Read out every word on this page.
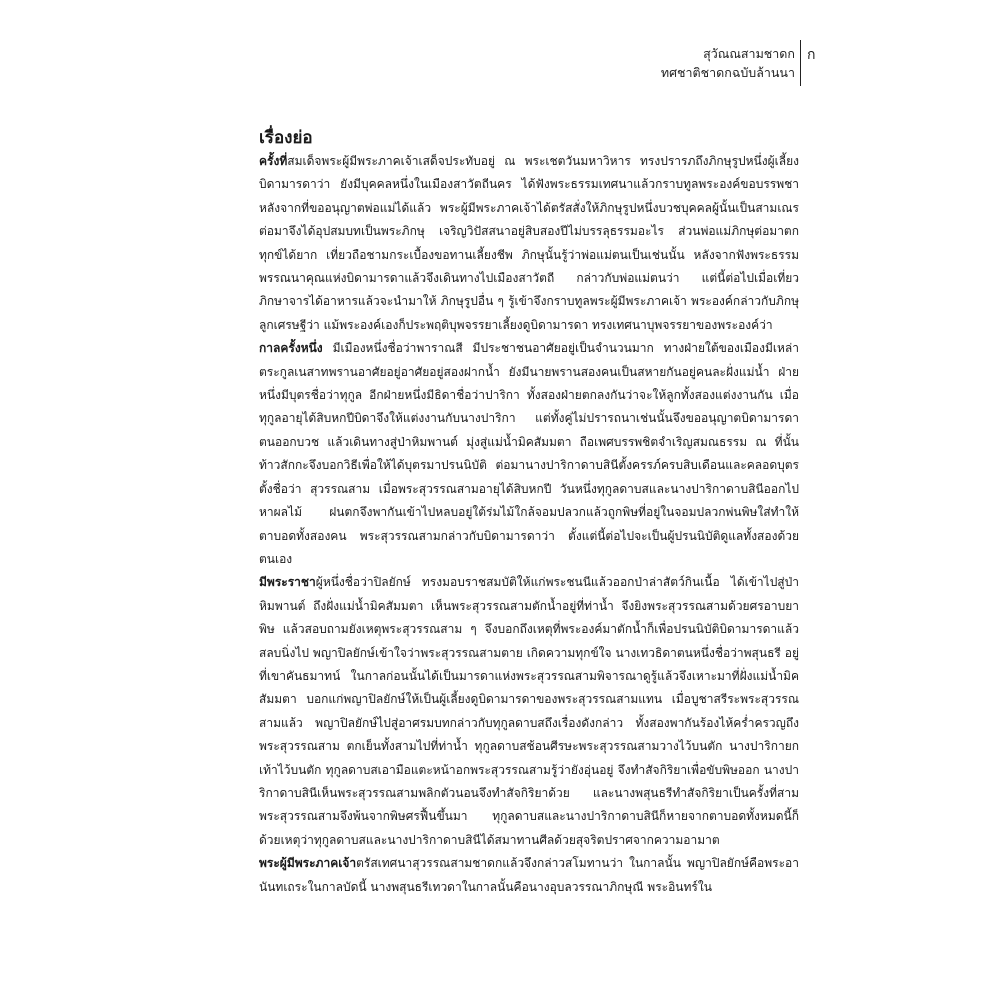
สุวัณณสามชาดก
ทศชาติชาดกฉบับล้านนา
ก
เรื่องย่อ

ครั้งที่สมเด็จพระผู้มีพระภาคเจ้าเสด็จประทับอยู่ ณ พระเชตวันมหาวิหาร ทรงปรารภถึงภิกษุรูปหนึ่งผู้เลี้ยงบิดามารดาว่า ยังมีบุคคลหนึ่งในเมืองสาวัตถีนคร ได้ฟังพระธรรมเทศนาแล้วกราบทูลพระองค์ขอบรรพชา หลังจากที่ขออนุญาตพ่อแม่ได้แล้ว พระผู้มีพระภาคเจ้าได้ตรัสสั่งให้ภิกษุรูปหนึ่งบวชบุคคลผู้นั้นเป็นสามเณร ต่อมาจึงได้อุปสมบทเป็นพระภิกษุ เจริญวิปัสสนาอยู่สิบสองปีไม่บรรลุธรรมอะไร ส่วนพ่อแม่ภิกษุต่อมาตกทุกข์ได้ยาก เที่ยวถือชามกระเบื้องขอทานเลี้ยงชีพ ภิกษุนั้นรู้ว่าพ่อแม่ตนเป็นเช่นนั้น หลังจากฟังพระธรรมพรรณนาคุณแห่งบิดามารดาแล้วจึงเดินทางไปเมืองสาวัตถี กล่าวกับพ่อแม่ตนว่า แต่นี้ต่อไปเมื่อเที่ยวภิกษาจารได้อาหารแล้วจะนำมาให้ ภิกษุรูปอื่น ๆ รู้เข้าจึงกราบทูลพระผู้มีพระภาคเจ้า พระองค์กล่าวกับภิกษุลูกเศรษฐีว่า แม้พระองค์เองก็ประพฤติบุพจรรยาเลี้ยงดูบิดามารดา ทรงเทศนาบุพจรรยาของพระองค์ว่า

กาลครั้งหนึ่ง มีเมืองหนึ่งชื่อว่าพาราณสี มีประชาชนอาศัยอยู่เป็นจำนวนมาก ทางฝ่ายใต้ของเมืองมีเหล่าตระกูลเนสาทพรานอาศัยอยู่อาศัยอยู่สองฝากน้ำ ยังมีนายพรานสองคนเป็นสหายกันอยู่คนละฝั่งแม่น้ำ ฝ่ายหนึ่งมีบุตรชื่อว่าทุกูล อีกฝ่ายหนึ่งมีธิดาชื่อว่าปาริกา ทั้งสองฝ่ายตกลงกันว่าจะให้ลูกทั้งสองแต่งงานกัน เมื่อทุกูลอายุได้สิบหกปีบิดาจึงให้แต่งงานกับนางปาริกา แต่ทั้งคู่ไม่ปรารถนาเช่นนั้นจึงขออนุญาตบิดามารดาตนออกบวช แล้วเดินทางสู่ป่าหิมพานต์ มุ่งสู่แม่น้ำมิคสัมมตา ถือเพศบรรพชิตจำเริญสมณธรรม ณ ที่นั้น ท้าวสักกะจึงบอกวิธีเพื่อให้ได้บุตรมาปรนนิบัติ ต่อมานางปาริกาดาบสินีตั้งครรภ์ครบสิบเดือนและคลอดบุตรตั้งชื่อว่า สุวรรณสาม เมื่อพระสุวรรณสามอายุได้สิบหกปี วันหนึ่งทุกูลดาบสและนางปาริกาดาบสินีออกไปหาผลไม้ ฝนตกจึงพากันเข้าไปหลบอยู่ใต้ร่มไม้ใกล้จอมปลวกแล้วถูกพิษที่อยู่ในจอมปลวกพ่นพิษใส่ทำให้ตาบอดทั้งสองคน พระสุวรรณสามกล่าวกับบิดามารดาว่า ตั้งแต่นี้ต่อไปจะเป็นผู้ปรนนิบัติดูแลทั้งสองด้วยตนเอง

มีพระราชาผู้หนึ่งชื่อว่าปิลยักษ์ ทรงมอบราชสมบัติให้แก่พระชนนีแล้วออกป่าล่าสัตว์กินเนื้อ ได้เข้าไปสู่ป่าหิมพานต์ ถึงฝั่งแม่น้ำมิคสัมมตา เห็นพระสุวรรณสามตักน้ำอยู่ที่ท่าน้ำ จึงยิงพระสุวรรณสามด้วยศรอาบยาพิษ แล้วสอบถามยังเหตุพระสุวรรณสาม ๆ จึงบอกถึงเหตุที่พระองค์มาตักน้ำก็เพื่อปรนนิบัติบิดามารดาแล้วสลบนิ่งไป พญาปิลยักษ์เข้าใจว่าพระสุวรรณสามตาย เกิดความทุกข์ใจ นางเทวธิดาตนหนึ่งชื่อว่าพสุนธรี อยู่ที่เขาคันธมาทน์ ในกาลก่อนนั้นได้เป็นมารดาแห่งพระสุวรรณสามพิจารณาดูรู้แล้วจึงเหาะมาที่ฝั่งแม่น้ำมิคสัมมตา บอกแก่พญาปิลยักษ์ให้เป็นผู้เลี้ยงดูบิดามารดาของพระสุวรรณสามแทน เมื่อบูชาสรีระพระสุวรรณสามแล้ว พญาปิลยักษ์ไปสู่อาศรมบทกล่าวกับทุกูลดาบสถึงเรื่องดังกล่าว ทั้งสองพากันร้องไห้คร่ำครวญถึงพระสุวรรณสาม ตกเย็นทั้งสามไปที่ท่าน้ำ ทุกูลดาบสช้อนศีรษะพระสุวรรณสามวางไว้บนตัก นางปาริกายกเท้าไว้บนตัก ทุกูลดาบสเอามือแตะหน้าอกพระสุวรรณสามรู้ว่ายังอุ่นอยู่ จึงทำสัจกิริยาเพื่อขับพิษออก นางปาริกาดาบสินีเห็นพระสุวรรณสามพลิกตัวนอนจึงทำสัจกิริยาด้วย และนางพสุนธรีทำสัจกิริยาเป็นครั้งที่สาม พระสุวรรณสามจึงพ้นจากพิษศรฟื้นขึ้นมา ทุกูลดาบสและนางปาริกาดาบสินีก็หายจากตาบอดทั้งหมดนี้ก็ด้วยเหตุว่าทุกูลดาบสและนางปาริกาดาบสินีได้สมาทานศีลด้วยสุจริตปราศจากความอามาต

พระผู้มีพระภาคเจ้าตรัสเทศนาสุวรรณสามชาดกแล้วจึงกล่าวสโมทานว่า ในกาลนั้น พญาปิลยักษ์คือพระอานันทเถระในกาลบัดนี้ นางพสุนธรีเทวดาในกาลนั้นคือนางอุบลวรรณาภิกษุณี พระอินทร์ใน
